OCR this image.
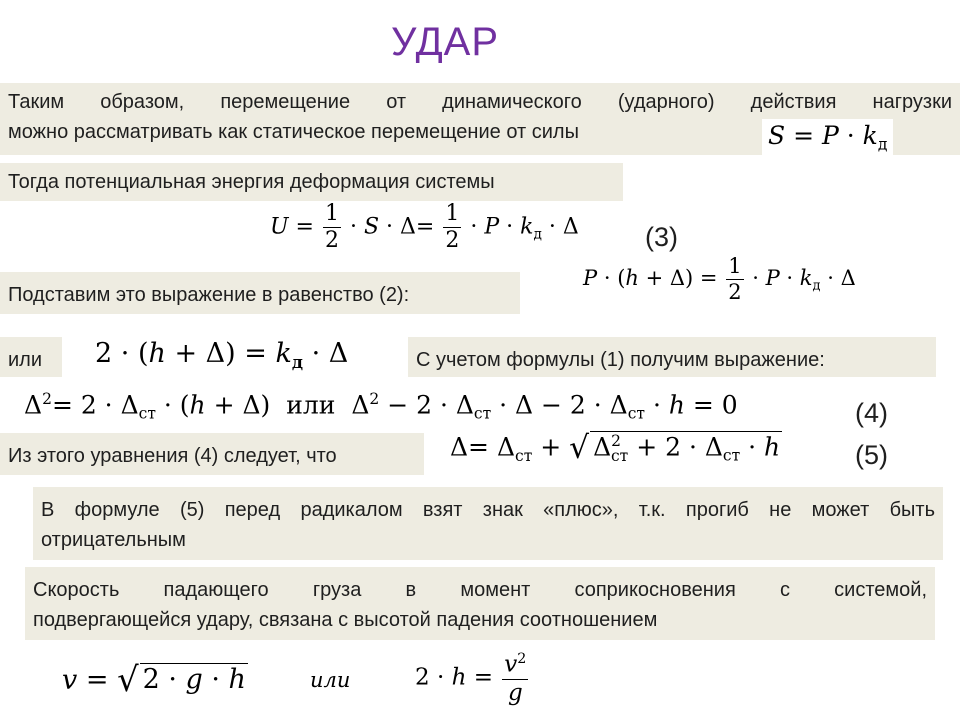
УДАР
Таким образом, перемещение от динамического (ударного) действия нагрузки
можно рассматривать как статическое перемещение от силы	$S = P \cdot k_д$
Тогда потенциальная энергия деформация системы
$U = \frac{1}{2} \cdot S \cdot \Delta= \frac{1}{2} \cdot P \cdot k_д \cdot \Delta$ (3)
Подставим это выражение в равенство (2):
$P \cdot (h + \Delta) = \frac{1}{2} \cdot P \cdot k_д \cdot \Delta$
или	$2 \cdot (h + \Delta) = k_д \cdot \Delta$	С учетом формулы (1) получим выражение:
$\Delta^2= 2 \cdot \Delta_{ст} \cdot (h + \Delta)$ или $\Delta^2 - 2 \cdot \Delta_{ст} \cdot \Delta - 2 \cdot \Delta_{ст} \cdot h = 0$	(4)
Из этого уравнения (4) следует, что	$\Delta= \Delta_{ст}$ + √ $\Delta^2_{ст} + 2 \cdot \Delta_{ст} \cdot h$	(5)
В формуле (5) перед радикалом взят знак «плюс», т.к. прогиб не может быть
отрицательным
Скорость падающего груза в момент соприкосновения с системой,
подвергающейся удару, связана с высотой падения соотношением
v = √ 2 · g · h	или	$2 \cdot h = \frac{v^2}{g}$
